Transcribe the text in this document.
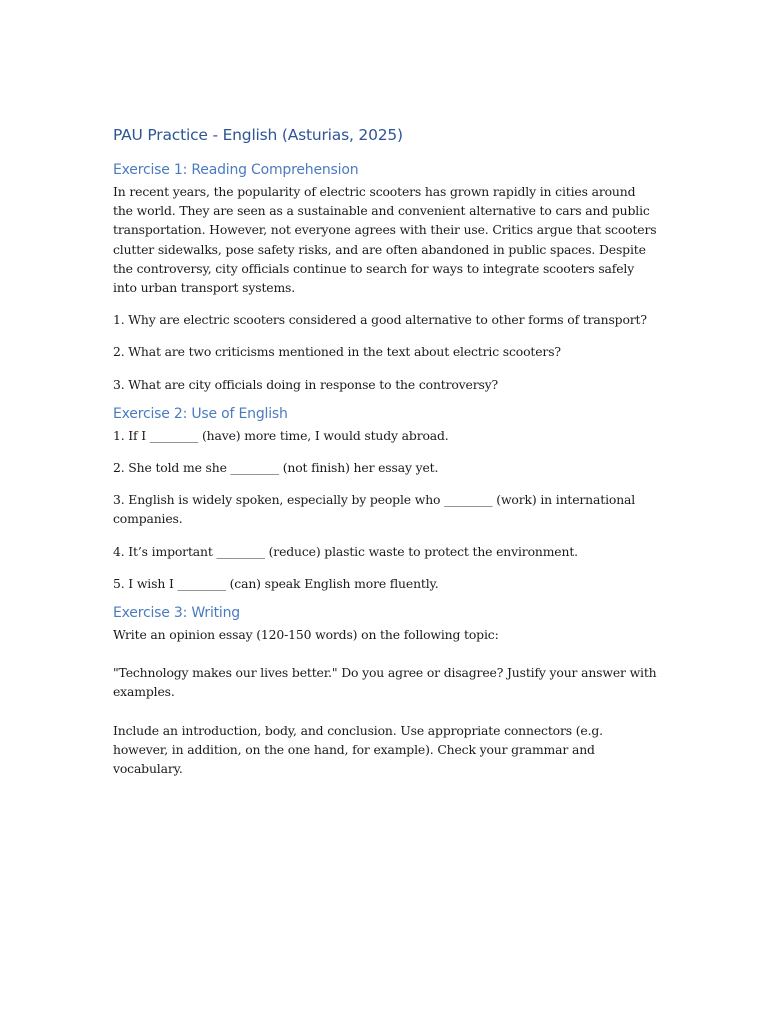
PAU Practice - English (Asturias, 2025)
Exercise 1: Reading Comprehension

In recent years, the popularity of electric scooters has grown rapidly in cities around the world. They are seen as a sustainable and convenient alternative to cars and public transportation. However, not everyone agrees with their use. Critics argue that scooters clutter sidewalks, pose safety risks, and are often abandoned in public spaces. Despite the controversy, city officials continue to search for ways to integrate scooters safely into urban transport systems.

1. Why are electric scooters considered a good alternative to other forms of transport?

2. What are two criticisms mentioned in the text about electric scooters?

3. What are city officials doing in response to the controversy?

Exercise 2: Use of English

1. If I ________ (have) more time, I would study abroad.

2. She told me she ________ (not finish) her essay yet.

3. English is widely spoken, especially by people who ________ (work) in international companies.

4. It’s important ________ (reduce) plastic waste to protect the environment.

5. I wish I ________ (can) speak English more fluently.

Exercise 3: Writing

Write an opinion essay (120-150 words) on the following topic:

"Technology makes our lives better." Do you agree or disagree? Justify your answer with examples.

Include an introduction, body, and conclusion. Use appropriate connectors (e.g. however, in addition, on the one hand, for example). Check your grammar and vocabulary.
